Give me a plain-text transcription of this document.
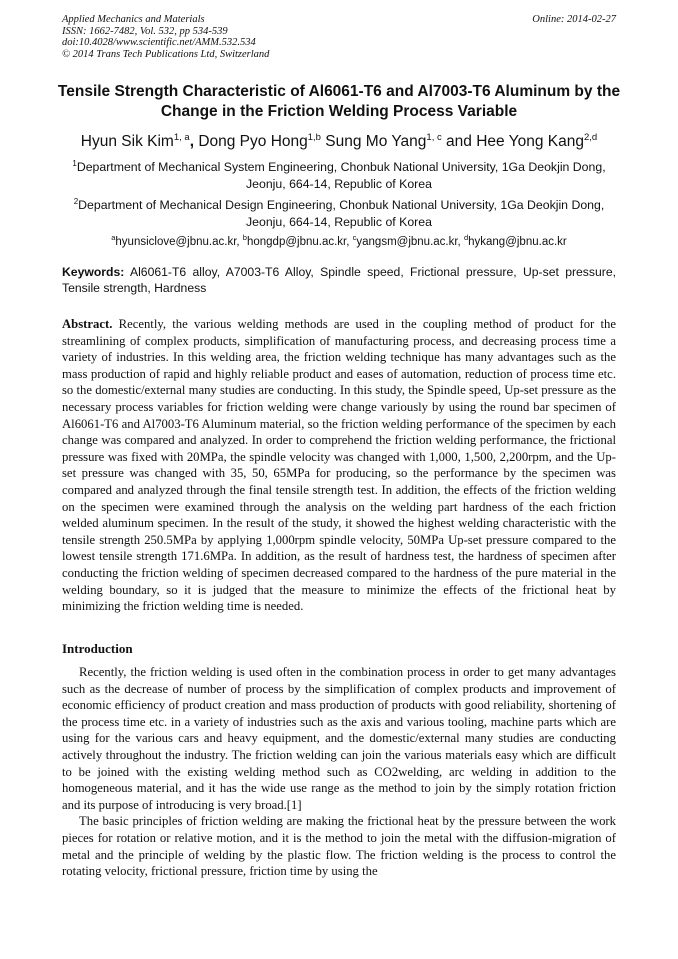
Applied Mechanics and Materials
ISSN: 1662-7482, Vol. 532, pp 534-539
doi:10.4028/www.scientific.net/AMM.532.534
© 2014 Trans Tech Publications Ltd, Switzerland
Online: 2014-02-27
Tensile Strength Characteristic of Al6061-T6 and Al7003-T6 Aluminum by the Change in the Friction Welding Process Variable
Hyun Sik Kim$^{1, a}$, Dong Pyo Hong$^{1,b}$ Sung Mo Yang$^{1, c}$ and Hee Yong Kang$^{2,d}$
$^1$Department of Mechanical System Engineering, Chonbuk National University, 1Ga Deokjin Dong, Jeonju, 664-14, Republic of Korea
$^2$Department of Mechanical Design Engineering, Chonbuk National University, 1Ga Deokjin Dong, Jeonju, 664-14, Republic of Korea
$^a$hyunsiclove@jbnu.ac.kr, $^b$hongdp@jbnu.ac.kr, $^c$yangsm@jbnu.ac.kr, $^d$hykang@jbnu.ac.kr
Keywords: Al6061-T6 alloy, A7003-T6 Alloy, Spindle speed, Frictional pressure, Up-set pressure, Tensile strength, Hardness
Abstract. Recently, the various welding methods are used in the coupling method of product for the streamlining of complex products, simplification of manufacturing process, and decreasing process time a variety of industries. In this welding area, the friction welding technique has many advantages such as the mass production of rapid and highly reliable product and eases of automation, reduction of process time etc. so the domestic/external many studies are conducting. In this study, the Spindle speed, Up-set pressure as the necessary process variables for friction welding were change variously by using the round bar specimen of Al6061-T6 and Al7003-T6 Aluminum material, so the friction welding performance of the specimen by each change was compared and analyzed. In order to comprehend the friction welding performance, the frictional pressure was fixed with 20MPa, the spindle velocity was changed with 1,000, 1,500, 2,200rpm, and the Up-set pressure was changed with 35, 50, 65MPa for producing, so the performance by the specimen was compared and analyzed through the final tensile strength test. In addition, the effects of the friction welding on the specimen were examined through the analysis on the welding part hardness of the each friction welded aluminum specimen. In the result of the study, it showed the highest welding characteristic with the tensile strength 250.5MPa by applying 1,000rpm spindle velocity, 50MPa Up-set pressure compared to the lowest tensile strength 171.6MPa. In addition, as the result of hardness test, the hardness of specimen after conducting the friction welding of specimen decreased compared to the hardness of the pure material in the welding boundary, so it is judged that the measure to minimize the effects of the frictional heat by minimizing the friction welding time is needed.
Introduction

Recently, the friction welding is used often in the combination process in order to get many advantages such as the decrease of number of process by the simplification of complex products and improvement of economic efficiency of product creation and mass production of products with good reliability, shortening of the process time etc. in a variety of industries such as the axis and various tooling, machine parts which are using for the various cars and heavy equipment, and the domestic/external many studies are conducting actively throughout the industry. The friction welding can join the various materials easy which are difficult to be joined with the existing welding method such as CO2welding, arc welding in addition to the homogeneous material, and it has the wide use range as the method to join by the simply rotation friction and its purpose of introducing is very broad.[1]

The basic principles of friction welding are making the frictional heat by the pressure between the work pieces for rotation or relative motion, and it is the method to join the metal with the diffusion-migration of metal and the principle of welding by the plastic flow. The friction welding is the process to control the rotating velocity, frictional pressure, friction time by using the
